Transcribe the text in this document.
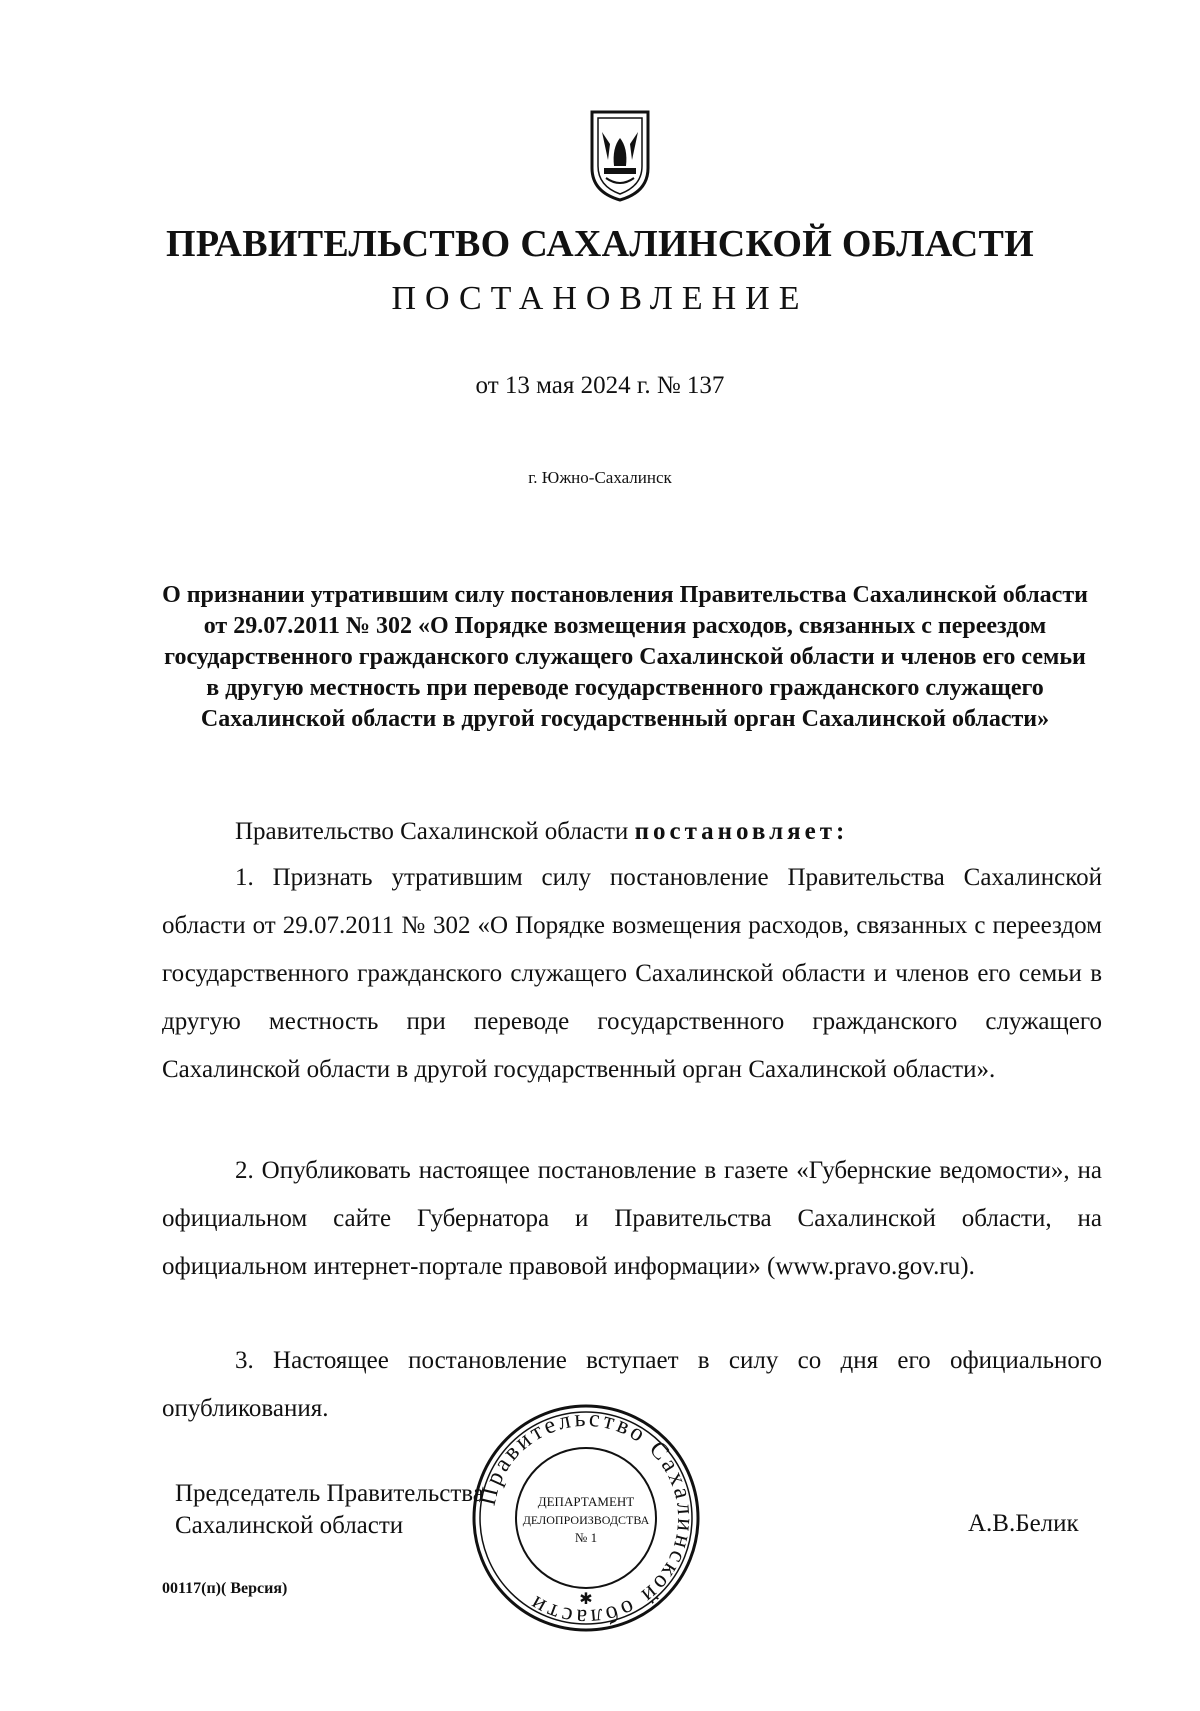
ПРАВИТЕЛЬСТВО САХАЛИНСКОЙ ОБЛАСТИ
ПОСТАНОВЛЕНИЕ
от 13 мая 2024 г. № 137
г. Южно-Сахалинск
О признании утратившим силу постановления Правительства Сахалинской области от 29.07.2011 № 302 «О Порядке возмещения расходов, связанных с переездом государственного гражданского служащего Сахалинской области и членов его семьи в другую местность при переводе государственного гражданского служащего Сахалинской области в другой государственный орган Сахалинской области»

Правительство Сахалинской области постановляет:

1. Признать утратившим силу постановление Правительства Сахалинской области от 29.07.2011 № 302 «О Порядке возмещения расходов, связанных с переездом государственного гражданского служащего Сахалинской области и членов его семьи в другую местность при переводе государственного гражданского служащего Сахалинской области в другой государственный орган Сахалинской области».

2. Опубликовать настоящее постановление в газете «Губернские ведомости», на официальном сайте Губернатора и Правительства Сахалинской области, на официальном интернет-портале правовой информации» (www.pravo.gov.ru).

3. Настоящее постановление вступает в силу со дня его официального опубликования.

Правительство Сахалинской области
ДЕПАРТАМЕНТ
ДЕЛОПРОИЗВОДСТВА
№ 1
✱
Председатель Правительства
Сахалинской области	А.В.Белик
00117(п)( Версия)
